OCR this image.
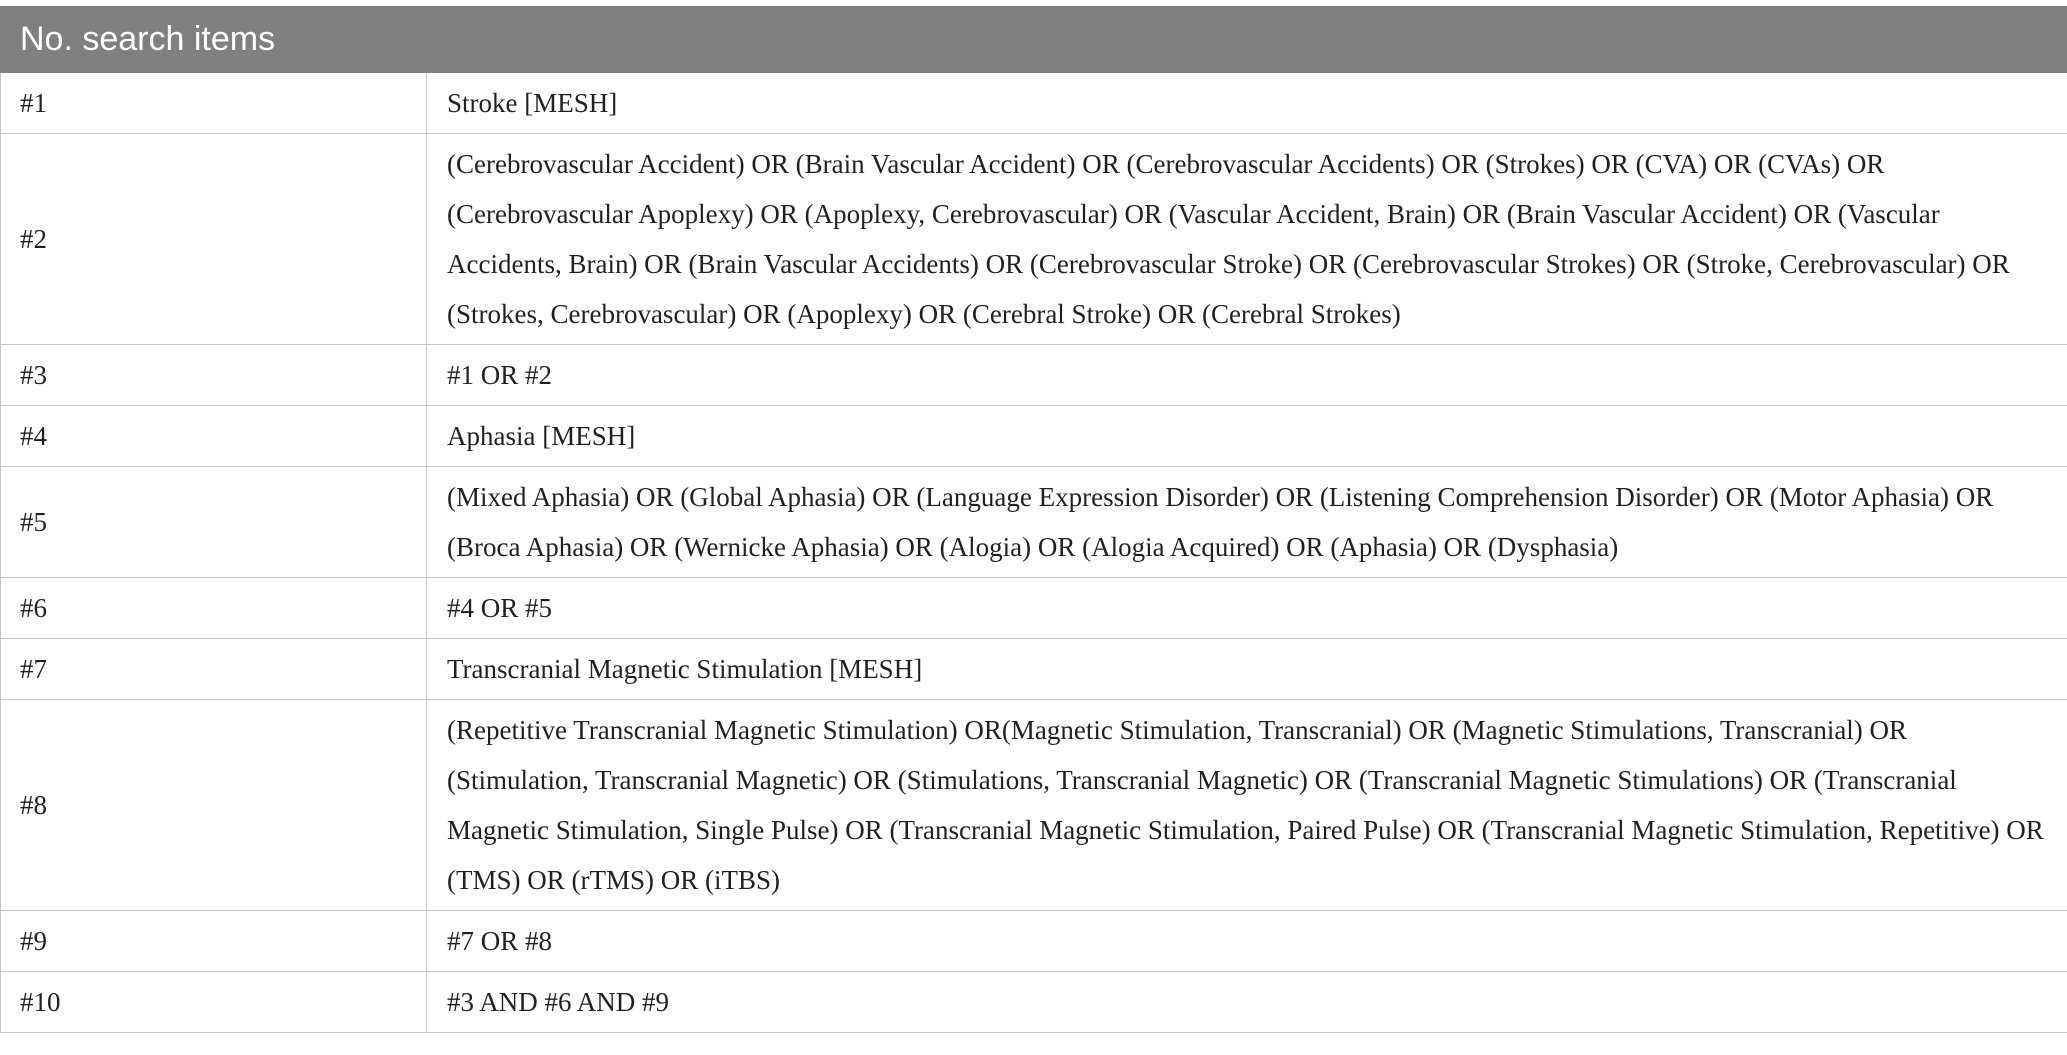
No. search items	
#1	Stroke [MESH]
#2	(Cerebrovascular Accident) OR (Brain Vascular Accident) OR (Cerebrovascular Accidents) OR (Strokes) OR (CVA) OR (CVAs) OR (Cerebrovascular Apoplexy) OR (Apoplexy, Cerebrovascular) OR (Vascular Accident, Brain) OR (Brain Vascular Accident) OR (Vascular Accidents, Brain) OR (Brain Vascular Accidents) OR (Cerebrovascular Stroke) OR (Cerebrovascular Strokes) OR (Stroke, Cerebrovascular) OR (Strokes, Cerebrovascular) OR (Apoplexy) OR (Cerebral Stroke) OR (Cerebral Strokes)
#3	#1 OR #2
#4	Aphasia [MESH]
#5	(Mixed Aphasia) OR (Global Aphasia) OR (Language Expression Disorder) OR (Listening Comprehension Disorder) OR (Motor Aphasia) OR (Broca Aphasia) OR (Wernicke Aphasia) OR (Alogia) OR (Alogia Acquired) OR (Aphasia) OR (Dysphasia)
#6	#4 OR #5
#7	Transcranial Magnetic Stimulation [MESH]
#8	(Repetitive Transcranial Magnetic Stimulation) OR(Magnetic Stimulation, Transcranial) OR (Magnetic Stimulations, Transcranial) OR (Stimulation, Transcranial Magnetic) OR (Stimulations, Transcranial Magnetic) OR (Transcranial Magnetic Stimulations) OR (Transcranial Magnetic Stimulation, Single Pulse) OR (Transcranial Magnetic Stimulation, Paired Pulse) OR (Transcranial Magnetic Stimulation, Repetitive) OR (TMS) OR (rTMS) OR (iTBS)
#9	#7 OR #8
#10	#3 AND #6 AND #9
